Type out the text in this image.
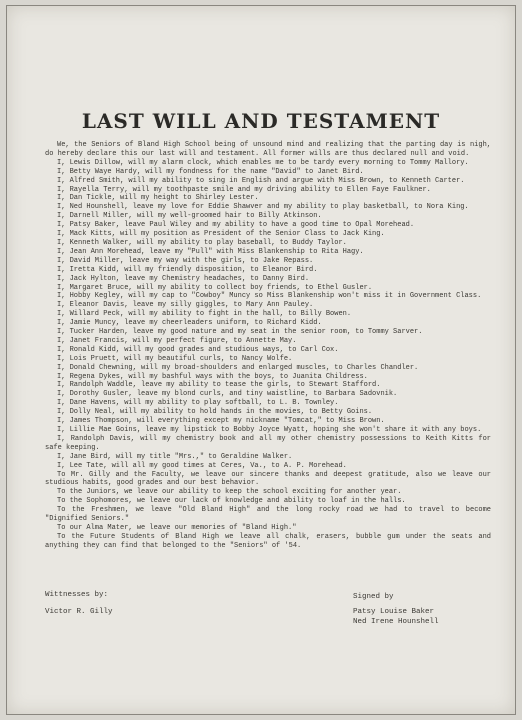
LAST WILL AND TESTAMENT

We, the Seniors of Bland High School being of unsound mind and realizing that the parting day is nigh, do hereby declare this our last will and testament. All former wills are thus declared null and void.

I, Lewis Dillow, will my alarm clock, which enables me to be tardy every morning to Tommy Mallory.

I, Betty Waye Hardy, will my fondness for the name "David" to Janet Bird.

I, Alfred Smith, will my ability to sing in English and argue with Miss Brown, to Kenneth Carter.

I, Rayella Terry, will my toothpaste smile and my driving ability to Ellen Faye Faulkner.

I, Dan Tickle, will my height to Shirley Lester.

I, Ned Hounshell, leave my love for Eddie Shawver and my ability to play basketball, to Nora King.

I, Darnell Miller, will my well-groomed hair to Billy Atkinson.

I, Patsy Baker, leave Paul Wiley and my ability to have a good time to Opal Morehead.

I, Mack Kitts, will my position as President of the Senior Class to Jack King.

I, Kenneth Walker, will my ability to play baseball, to Buddy Taylor.

I, Jean Ann Morehead, leave my "Pull" with Miss Blankenship to Rita Hagy.

I, David Miller, leave my way with the girls, to Jake Repass.

I, Iretta Kidd, will my friendly disposition, to Eleanor Bird.

I, Jack Hylton, leave my Chemistry headaches, to Danny Bird.

I, Margaret Bruce, will my ability to collect boy friends, to Ethel Gusler.

I, Hobby Kegley, will my cap to "Cowboy" Muncy so Miss Blankenship won't miss it in Government Class.

I, Eleanor Davis, leave my silly giggles, to Mary Ann Pauley.

I, Willard Peck, will my ability to fight in the hall, to Billy Bowen.

I, Jamie Muncy, leave my cheerleaders uniform, to Richard Kidd.

I, Tucker Harden, leave my good nature and my seat in the senior room, to Tommy Sarver.

I, Janet Francis, will my perfect figure, to Annette May.

I, Ronald Kidd, will my good grades and studious ways, to Carl Cox.

I, Lois Pruett, will my beautiful curls, to Nancy Wolfe.

I, Donald Chewning, will my broad-shoulders and enlarged muscles, to Charles Chandler.

I, Regena Dykes, will my bashful ways with the boys, to Juanita Childress.

I, Randolph Waddle, leave my ability to tease the girls, to Stewart Stafford.

I, Dorothy Gusler, leave my blond curls, and tiny waistline, to Barbara Sadovnik.

I, Dane Havens, will my ability to play softball, to L. B. Townley.

I, Dolly Neal, will my ability to hold hands in the movies, to Betty Goins.

I, James Thompson, will everything except my nickname "Tomcat," to Miss Brown.

I, Lillie Mae Goins, leave my lipstick to Bobby Joyce Wyatt, hoping she won't share it with any boys.

I, Randolph Davis, will my chemistry book and all my other chemistry possessions to Keith Kitts for safe keeping.

I, Jane Bird, will my title "Mrs.," to Geraldine Walker.

I, Lee Tate, will all my good times at Ceres, Va., to A. P. Morehead.

To Mr. Gilly and the Faculty, we leave our sincere thanks and deepest gratitude, also we leave our studious habits, good grades and our best behavior.

To the Juniors, we leave our ability to keep the school exciting for another year.

To the Sophomores, we leave our lack of knowledge and ability to loaf in the halls.

To the Freshmen, we leave "Old Bland High" and the long rocky road we had to travel to become "Dignified Seniors."

To our Alma Mater, we leave our memories of "Bland High."

To the Future Students of Bland High we leave all chalk, erasers, bubble gum under the seats and anything they can find that belonged to the "Seniors" of '54.

Wittnesses by:
Victor R. Gilly
Signed by
Patsy Louise Baker
Ned Irene Hounshell
